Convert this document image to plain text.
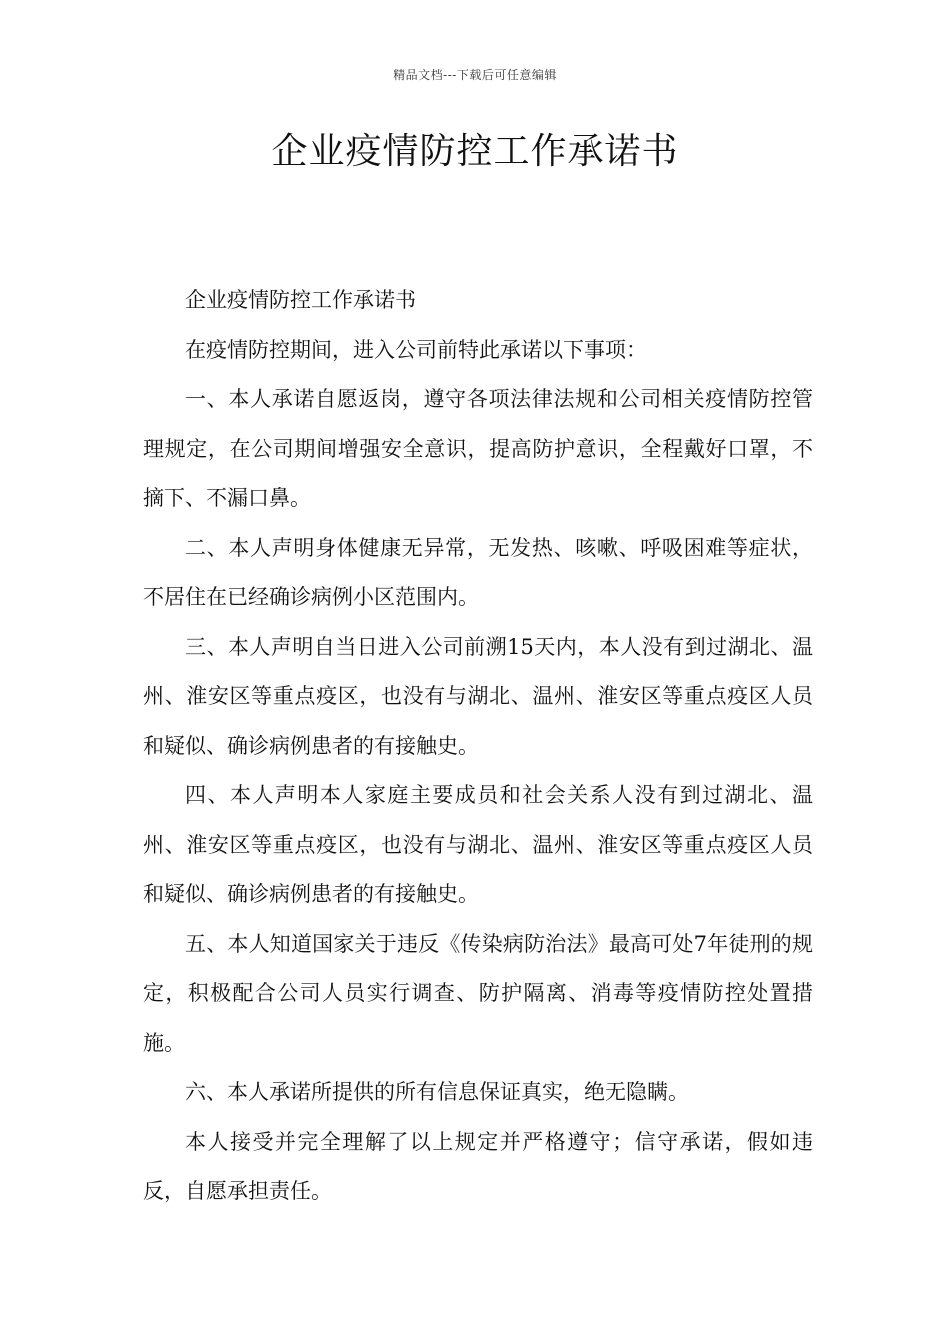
精品文档---下载后可任意编辑
企业疫情防控工作承诺书

企业疫情防控工作承诺书

在疫情防控期间，进入公司前特此承诺以下事项：

一、本人承诺自愿返岗，遵守各项法律法规和公司相关疫情防控管理规定，在公司期间增强安全意识，提高防护意识，全程戴好口罩，不摘下、不漏口鼻。

二、本人声明身体健康无异常，无发热、咳嗽、呼吸困难等症状，不居住在已经确诊病例小区范围内。

三、本人声明自当日进入公司前溯15天内，本人没有到过湖北、温州、淮安区等重点疫区，也没有与湖北、温州、淮安区等重点疫区人员和疑似、确诊病例患者的有接触史。

四、本人声明本人家庭主要成员和社会关系人没有到过湖北、温州、淮安区等重点疫区，也没有与湖北、温州、淮安区等重点疫区人员和疑似、确诊病例患者的有接触史。

五、本人知道国家关于违反《传染病防治法》最高可处7年徒刑的规定，积极配合公司人员实行调查、防护隔离、消毒等疫情防控处置措施。

六、本人承诺所提供的所有信息保证真实，绝无隐瞒。

本人接受并完全理解了以上规定并严格遵守；信守承诺，假如违反，自愿承担责任。
